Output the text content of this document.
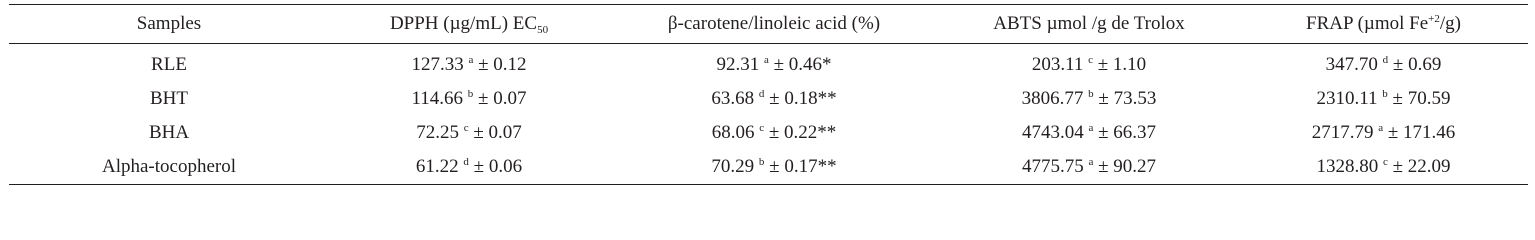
Samples	DPPH (µg/mL) $EC_{50}$	β-carotene/linoleic acid (%)	ABTS µmol /g de Trolox	FRAP (µmol $Fe^{+2}/g$)
RLE	127.33 $^a$ ± 0.12	92.31 $^a$ ± 0.46*	203.11 $^c$ ± 1.10	347.70 $^d$ ± 0.69
BHT	114.66 $^b$ ± 0.07	63.68 $^d$ ± 0.18**	3806.77 $^b$ ± 73.53	2310.11 $^b$ ± 70.59
BHA	72.25 $^c$ ± 0.07	68.06 $^c$ ± 0.22**	4743.04 $^a$ ± 66.37	2717.79 $^a$ ± 171.46
Alpha-tocopherol	61.22 $^d$ ± 0.06	70.29 $^b$ ± 0.17**	4775.75 $^a$ ± 90.27	1328.80 $^c$ ± 22.09
